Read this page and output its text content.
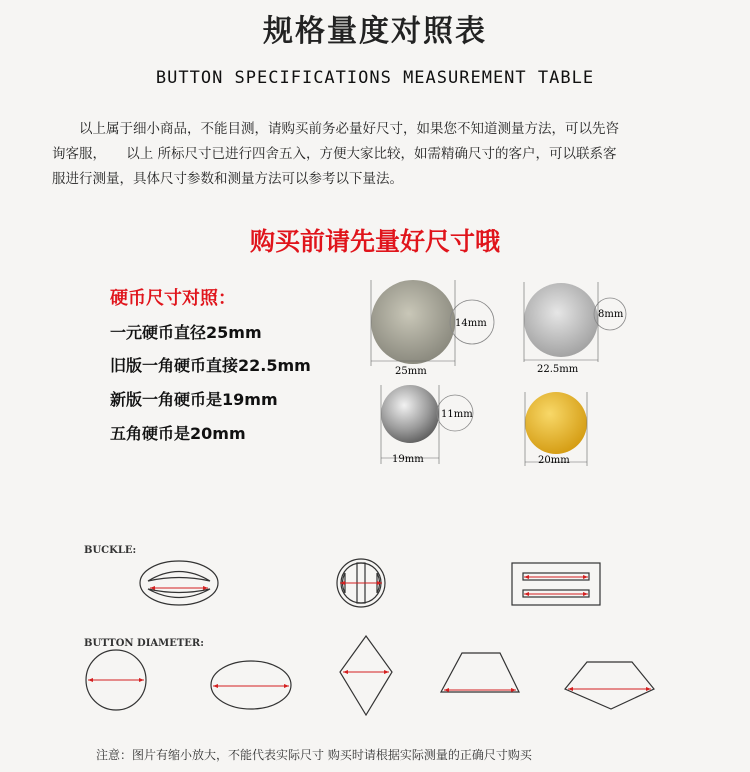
规格量度对照表
BUTTON SPECIFICATIONS MEASUREMENT TABLE

以上属于细小商品，不能目测，请购买前务必量好尺寸，如果您不知道测量方法，可以先咨

询客服，　　以上 所标尺寸已进行四舍五入，方便大家比较，如需精确尺寸的客户，可以联系客
服进行测量，具体尺寸参数和测量方法可以参考以下量法。
购买前请先量好尺寸哦
硬币尺寸对照：
一元硬币直径25mm
旧版一角硬币直接22.5mm
新版一角硬币是19mm
五角硬币是20mm
25mm
14mm
22.5mm
8mm
19mm
11mm
20mm
BUCKLE:
BUTTON DIAMETER:
注意：图片有缩小放大，不能代表实际尺寸 购买时请根据实际测量的正确尺寸购买
